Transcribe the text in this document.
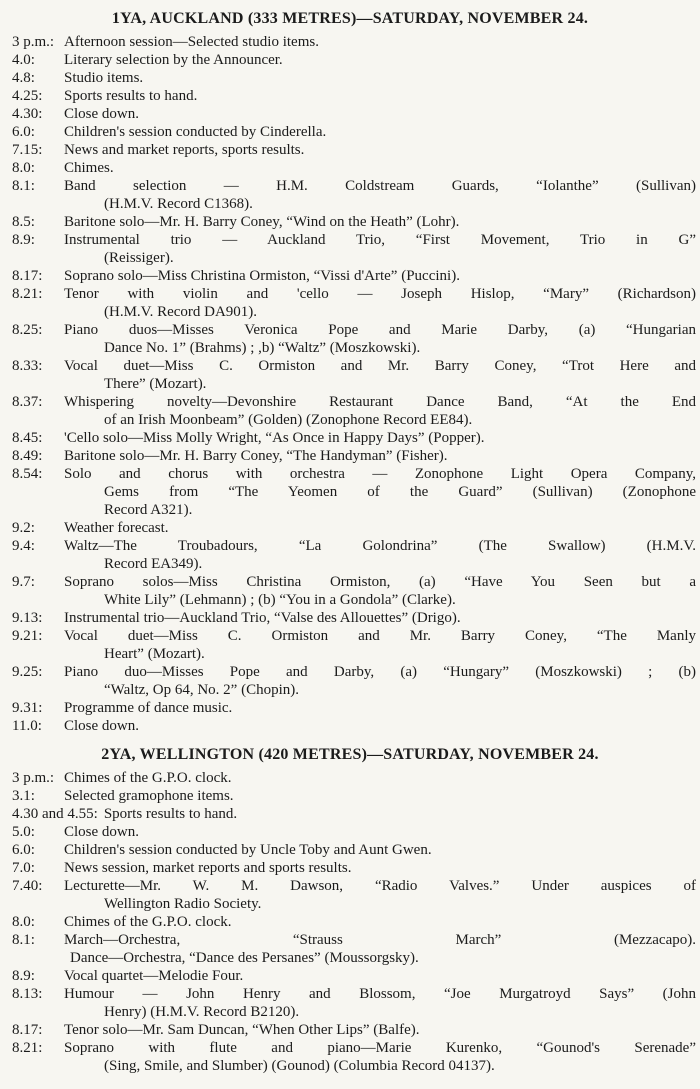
1YA, AUCKLAND (333 METRES)—SATURDAY, NOVEMBER 24.
3 p.m.: Afternoon session—Selected studio items.
4.0:	Literary selection by the Announcer.
4.8:	Studio items.
4.25:	Sports results to hand.
4.30:	Close down.
6.0:	Children's session conducted by Cinderella.
7.15:	News and market reports, sports results.
8.0:	Chimes.
8.1:	Band selection — H.M. Coldstream Guards, “Iolanthe” (Sullivan)
(H.M.V. Record C1368).
8.5:	Baritone solo—Mr. H. Barry Coney, “Wind on the Heath” (Lohr).
8.9:	Instrumental trio — Auckland Trio, “First Movement, Trio in G”
(Reissiger).
8.17:	Soprano solo—Miss Christina Ormiston, “Vissi d'Arte” (Puccini).
8.21:	Tenor with violin and 'cello — Joseph Hislop, “Mary” (Richardson)
(H.M.V. Record DA901).
8.25:	Piano duos—Misses Veronica Pope and Marie Darby, (a) “Hungarian
Dance No. 1” (Brahms) ; ,b) “Waltz” (Moszkowski).
8.33:	Vocal duet—Miss C. Ormiston and Mr. Barry Coney, “Trot Here and
There” (Mozart).
8.37:	Whispering novelty—Devonshire Restaurant Dance Band, “At the End
of an Irish Moonbeam” (Golden) (Zonophone Record EE84).
8.45:	'Cello solo—Miss Molly Wright, “As Once in Happy Days” (Popper).
8.49:	Baritone solo—Mr. H. Barry Coney, “The Handyman” (Fisher).
8.54:	Solo and chorus with orchestra — Zonophone Light Opera Company,
Gems from “The Yeomen of the Guard” (Sullivan) (Zonophone
Record A321).
9.2:	Weather forecast.
9.4:	Waltz—The Troubadours, “La Golondrina” (The Swallow) (H.M.V.
Record EA349).
9.7:	Soprano solos—Miss Christina Ormiston, (a) “Have You Seen but a
White Lily” (Lehmann) ; (b) “You in a Gondola” (Clarke).
9.13:	Instrumental trio—Auckland Trio, “Valse des Allouettes” (Drigo).
9.21:	Vocal duet—Miss C. Ormiston and Mr. Barry Coney, “The Manly
Heart” (Mozart).
9.25:	Piano duo—Misses Pope and Darby, (a) “Hungary” (Moszkowski) ; (b)
“Waltz, Op 64, No. 2” (Chopin).
9.31:	Programme of dance music.
11.0:	Close down.
2YA, WELLINGTON (420 METRES)—SATURDAY, NOVEMBER 24.
3 p.m.: Chimes of the G.P.O. clock.
3.1:	Selected gramophone items.
4.30 and 4.55: Sports results to hand.
5.0:	Close down.
6.0:	Children's session conducted by Uncle Toby and Aunt Gwen.
7.0:	News session, market reports and sports results.
7.40:	Lecturette—Mr. W. M. Dawson, “Radio Valves.” Under auspices of
Wellington Radio Society.
8.0:	Chimes of the G.P.O. clock.
8.1:	March—Orchestra, “Strauss March” (Mezzacapo).
Dance—Orchestra, “Dance des Persanes” (Moussorgsky).
8.9:	Vocal quartet—Melodie Four.
8.13:	Humour — John Henry and Blossom, “Joe Murgatroyd Says” (John
Henry) (H.M.V. Record B2120).
8.17:	Tenor solo—Mr. Sam Duncan, “When Other Lips” (Balfe).
8.21:	Soprano with flute and piano—Marie Kurenko, “Gounod's Serenade”
(Sing, Smile, and Slumber) (Gounod) (Columbia Record 04137).
